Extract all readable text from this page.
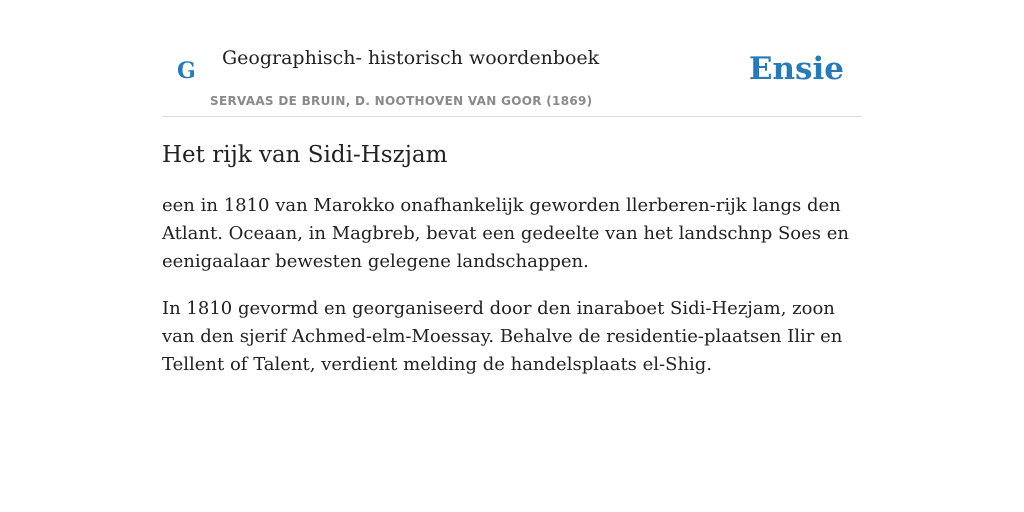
G Geographisch- historisch woordenboek
SERVAAS DE BRUIN, D. NOOTHOVEN VAN GOOR (1869)
Ensie
Het rijk van Sidi-Hszjam

een in 1810 van Marokko onafhankelijk geworden llerberen-rijk langs den Atlant. Oceaan, in Magbreb, bevat een gedeelte van het landschnp Soes en eenigaalaar bewesten gelegene landschappen.

In 1810 gevormd en georganiseerd door den inaraboet Sidi-Hezjam, zoon van den sjerif Achmed-elm-Moessay. Behalve de residentie-plaatsen Ilir en Tellent of Talent, verdient melding de handelsplaats el-Shig.
